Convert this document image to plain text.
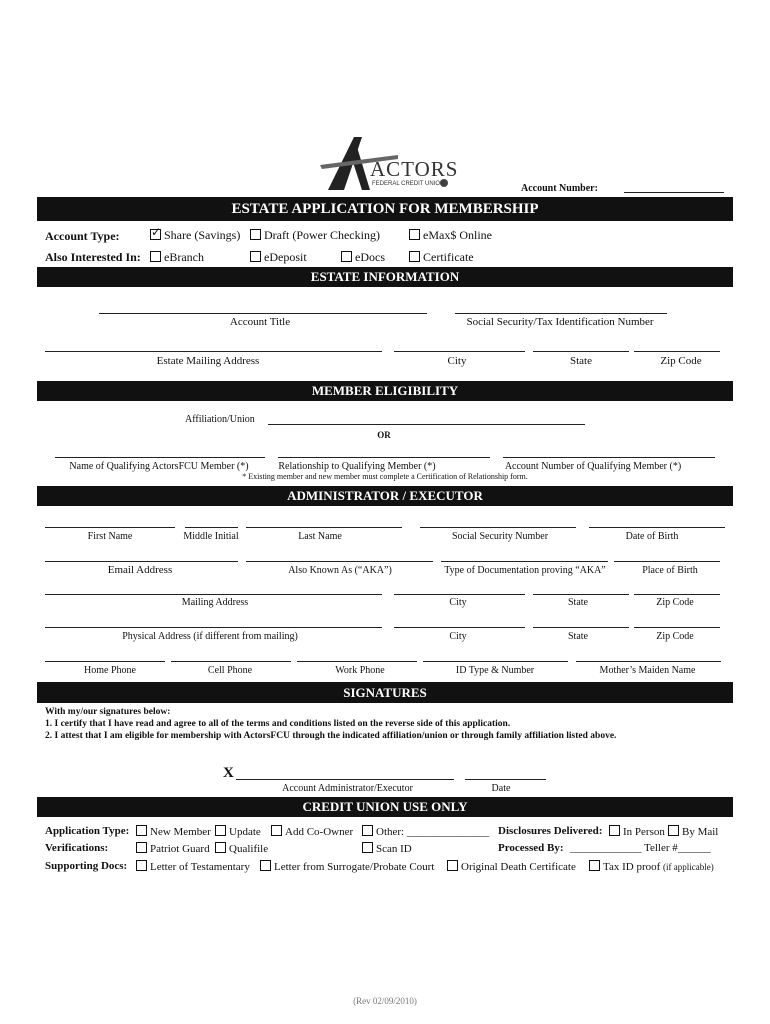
ACTORS
FEDERAL CREDIT UNION	Account Number:
ESTATE APPLICATION FOR MEMBERSHIP
Account Type: ✓	Share (Savings)	Draft (Power Checking)	eMax$ Online
Also Interested In:	eBranch	eDeposit	eDocs	Certificate
ESTATE INFORMATION
Account Title	Social Security/Tax Identification Number
Estate Mailing Address	City	State	Zip Code
MEMBER ELIGIBILITY
Affiliation/Union
OR
Name of Qualifying ActorsFCU Member (*)	Relationship to Qualifying Member (*)	Account Number of Qualifying Member (*)
* Existing member and new member must complete a Certification of Relationship form.
ADMINISTRATOR / EXECUTOR
First Name	Middle Initial	Last Name	Social Security Number	Date of Birth
Email Address	Also Known As (“AKA”)	Type of Documentation proving “AKA”	Place of Birth
Mailing Address	City	State	Zip Code
Physical Address (if different from mailing)	City	State	Zip Code
Home Phone	Cell Phone	Work Phone	ID Type & Number	Mother’s Maiden Name
SIGNATURES
With my/our signatures below:
1. I certify that I have read and agree to all of the terms and conditions listed on the reverse side of this application.
2. I attest that I am eligible for membership with ActorsFCU through the indicated affiliation/union or through family affiliation listed above.
X
Account Administrator/Executor	Date
CREDIT UNION USE ONLY
Application Type:	New Member	Update	Add Co-Owner	Other: _______________ Disclosures Delivered:	In Person	By Mail
Verifications:	Patriot Guard	Qualifile	Scan ID	Processed By: _____________ Teller #______
Supporting Docs:	Letter of Testamentary	Letter from Surrogate/Probate Court	Original Death Certificate	Tax ID proof (if applicable)
(Rev 02/09/2010)
